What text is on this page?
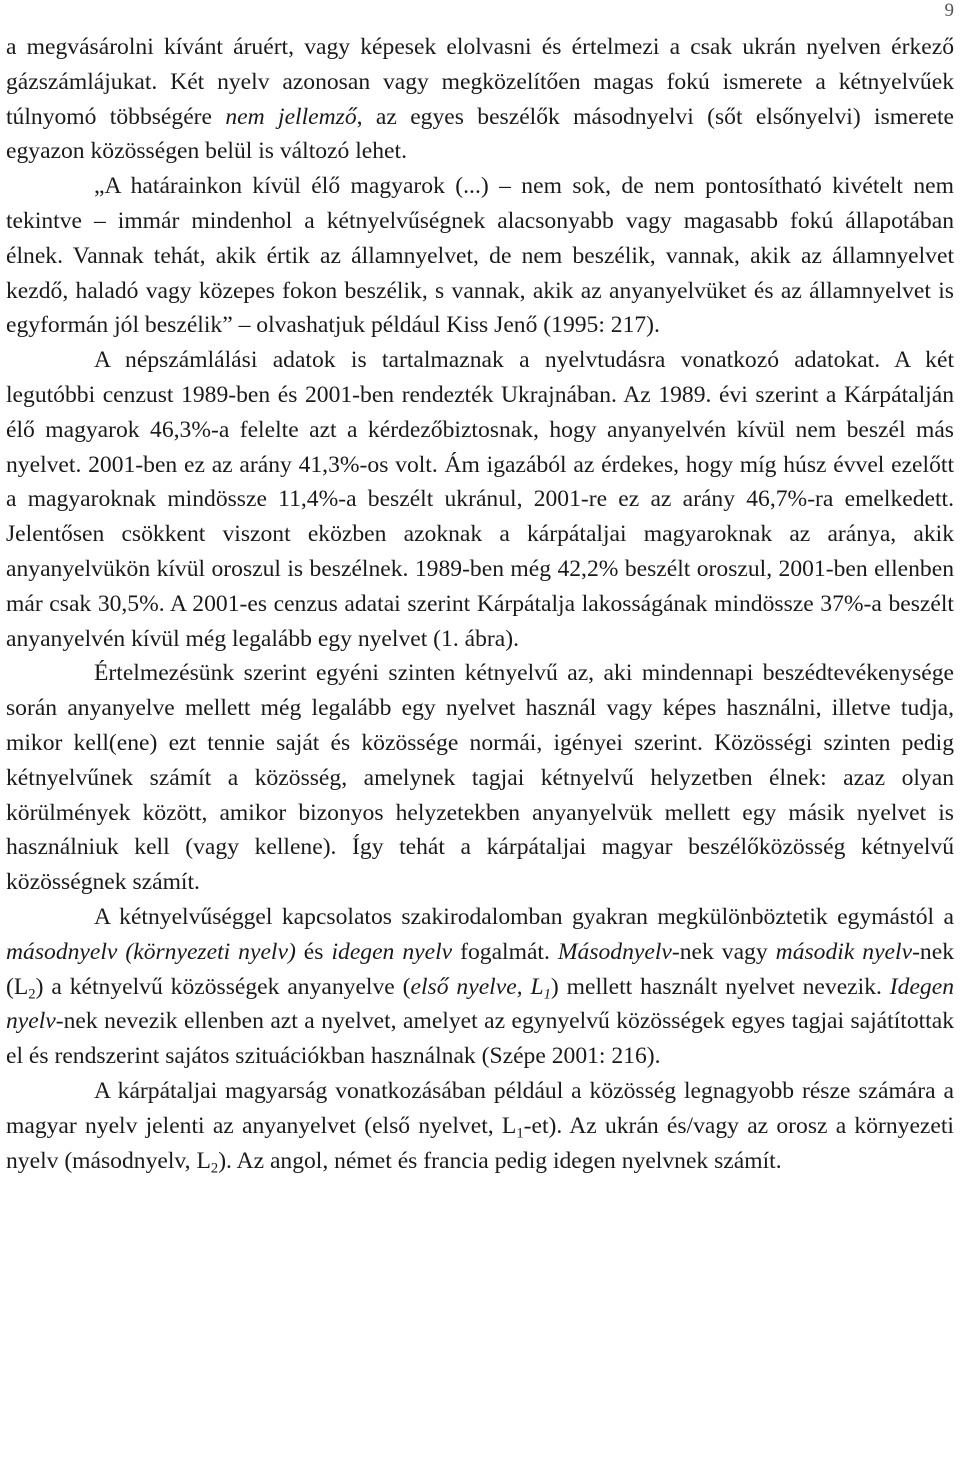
9

a megvásárolni kívánt áruért, vagy képesek elolvasni és értelmezi a csak ukrán nyelven érkező gázszámlájukat. Két nyelv azonosan vagy megközelítően magas fokú ismerete a kétnyelvűek túlnyomó többségére nem jellemző, az egyes beszélők másodnyelvi (sőt elsőnyelvi) ismerete egyazon közösségen belül is változó lehet.

„A határainkon kívül élő magyarok (...) – nem sok, de nem pontosítható kivételt nem tekintve – immár mindenhol a kétnyelvűségnek alacsonyabb vagy magasabb fokú állapotában élnek. Vannak tehát, akik értik az államnyelvet, de nem beszélik, vannak, akik az államnyelvet kezdő, haladó vagy közepes fokon beszélik, s vannak, akik az anyanyelvüket és az államnyelvet is egyformán jól beszélik” – olvashatjuk például Kiss Jenő (1995: 217).

A népszámlálási adatok is tartalmaznak a nyelvtudásra vonatkozó adatokat. A két legutóbbi cenzust 1989-ben és 2001-ben rendezték Ukrajnában. Az 1989. évi szerint a Kárpátalján élő magyarok 46,3%-a felelte azt a kérdezőbiztosnak, hogy anyanyelvén kívül nem beszél más nyelvet. 2001-ben ez az arány 41,3%-os volt. Ám igazából az érdekes, hogy míg húsz évvel ezelőtt a magyaroknak mindössze 11,4%-a beszélt ukránul, 2001-re ez az arány 46,7%-ra emelkedett. Jelentősen csökkent viszont eközben azoknak a kárpátaljai magyaroknak az aránya, akik anyanyelvükön kívül oroszul is beszélnek. 1989-ben még 42,2% beszélt oroszul, 2001-ben ellenben már csak 30,5%. A 2001-es cenzus adatai szerint Kárpátalja lakosságának mindössze 37%-a beszélt anyanyelvén kívül még legalább egy nyelvet (1. ábra).

Értelmezésünk szerint egyéni szinten kétnyelvű az, aki mindennapi beszédtevékenysége során anyanyelve mellett még legalább egy nyelvet használ vagy képes használni, illetve tudja, mikor kell(ene) ezt tennie saját és közössége normái, igényei szerint. Közösségi szinten pedig kétnyelvűnek számít a közösség, amelynek tagjai kétnyelvű helyzetben élnek: azaz olyan körülmények között, amikor bizonyos helyzetekben anyanyelvük mellett egy másik nyelvet is használniuk kell (vagy kellene). Így tehát a kárpátaljai magyar beszélőközösség kétnyelvű közösségnek számít.

A kétnyelvűséggel kapcsolatos szakirodalomban gyakran megkülönböztetik egymástól a másodnyelv (környezeti nyelv) és idegen nyelv fogalmát. Másodnyelv-nek vagy második nyelv-nek $(L_2)$ a kétnyelvű közösségek anyanyelve (első nyelve, $L_1$) mellett használt nyelvet nevezik. Idegen nyelv-nek nevezik ellenben azt a nyelvet, amelyet az egynyelvű közösségek egyes tagjai sajátítottak el és rendszerint sajátos szituációkban használnak (Szépe 2001: 216).

A kárpátaljai magyarság vonatkozásában például a közösség legnagyobb része számára a magyar nyelv jelenti az anyanyelvet (első nyelvet, $L_1-et$). Az ukrán és/vagy az orosz a környezeti nyelv (másodnyelv, $L_2$). Az angol, német és francia pedig idegen nyelvnek számít.
